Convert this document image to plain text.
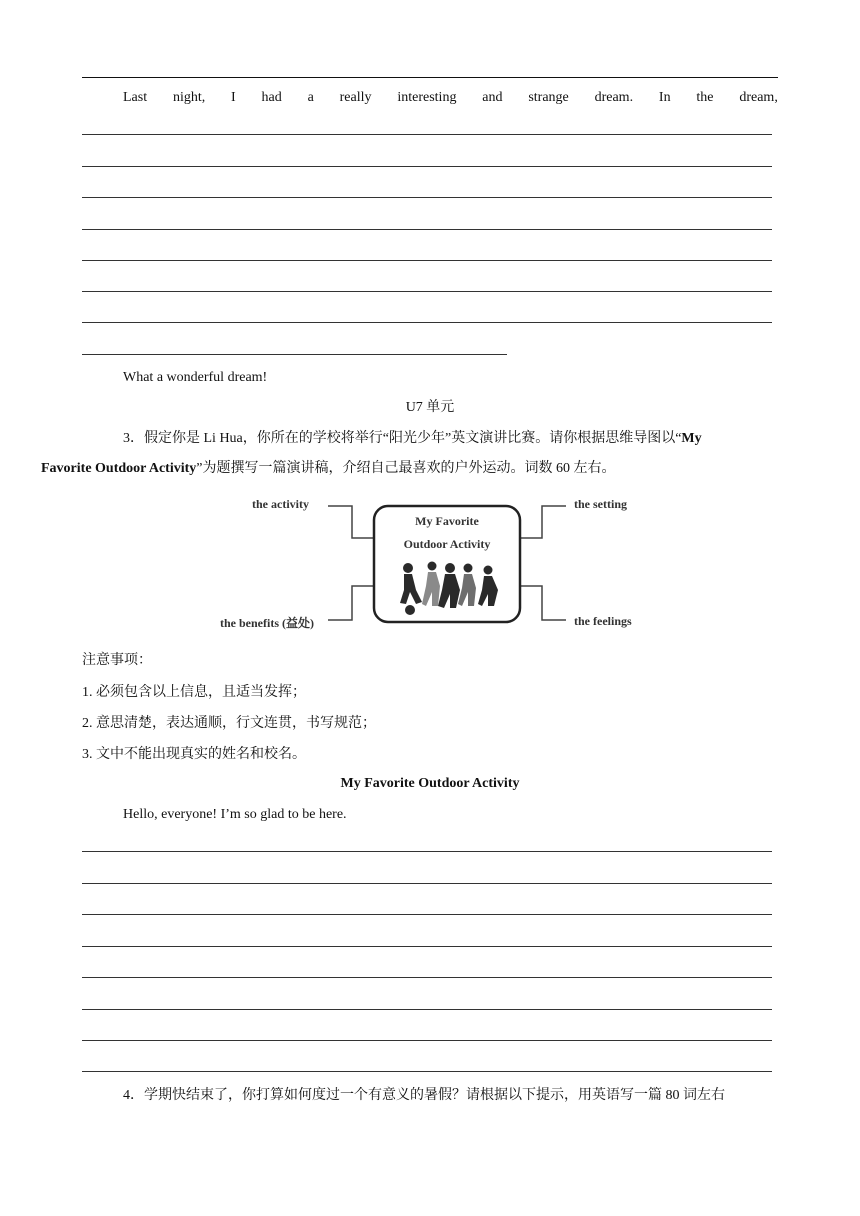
Last night, I had a really interesting and strange dream. In the dream,
What a wonderful dream!
U7 单元
3．假定你是 Li Hua，你所在的学校将举行“阳光少年”英文演讲比赛。请你根据思维导图以“My
Favorite Outdoor Activity”为题撰写一篇演讲稿，介绍自己最喜欢的户外运动。词数 60 左右。
My Favorite
Outdoor Activity
the activity	the setting
the benefits (益处)	the feelings
注意事项：
1. 必须包含以上信息，且适当发挥；
2. 意思清楚，表达通顺，行文连贯，书写规范；
3. 文中不能出现真实的姓名和校名。
My Favorite Outdoor Activity
Hello, everyone! I’m so glad to be here.
4．学期快结束了，你打算如何度过一个有意义的暑假？请根据以下提示，用英语写一篇 80 词左右
